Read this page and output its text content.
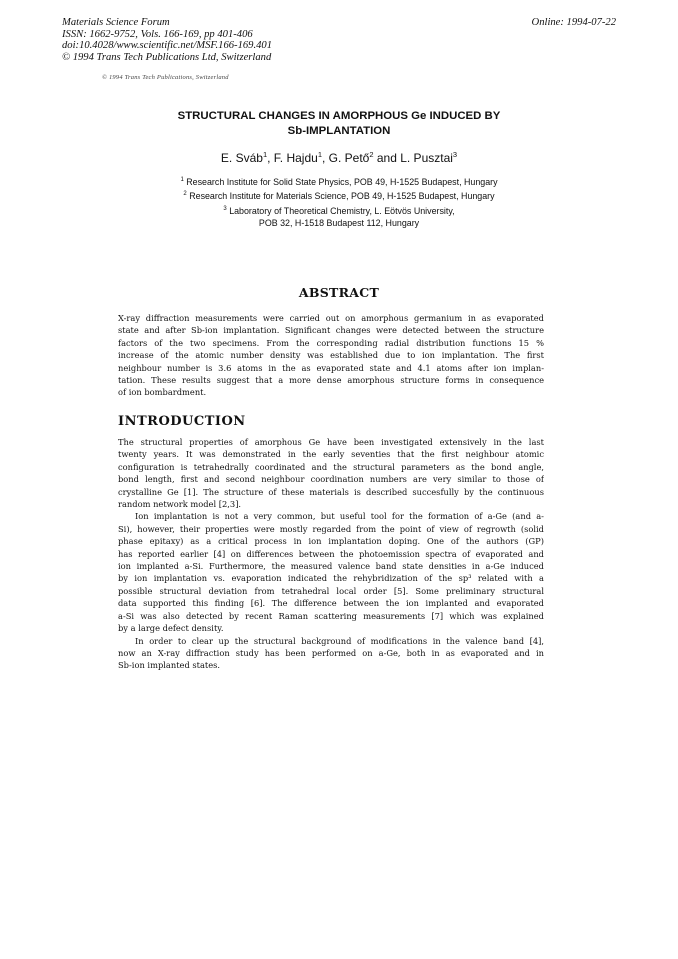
Materials Science Forum
ISSN: 1662-9752, Vols. 166-169, pp 401-406
doi:10.4028/www.scientific.net/MSF.166-169.401
© 1994 Trans Tech Publications Ltd, Switzerland
Online: 1994-07-22
© 1994 Trans Tech Publications, Switzerland
STRUCTURAL CHANGES IN AMORPHOUS Ge INDUCED BY
Sb-IMPLANTATION
E. Sváb$^1$, F. Hajdu$^1$, G. Pető$^2$ and L. Pusztai$^3$
$^1$ Research Institute for Solid State Physics, POB 49, H-1525 Budapest, Hungary
$^2$ Research Institute for Materials Science, POB 49, H-1525 Budapest, Hungary
$^3$ Laboratory of Theoretical Chemistry, L. Eötvös University,
POB 32, H-1518 Budapest 112, Hungary
ABSTRACT
X-ray diffraction measurements were carried out on amorphous germanium in as evaporated
state and after Sb-ion implantation. Significant changes were detected between the structure
factors of the two specimens. From the corresponding radial distribution functions 15 %
increase of the atomic number density was established due to ion implantation. The first
neighbour number is 3.6 atoms in the as evaporated state and 4.1 atoms after ion implan-
tation. These results suggest that a more dense amorphous structure forms in consequence
of ion bombardment.
INTRODUCTION
The structural properties of amorphous Ge have been investigated extensively in the last
twenty years. It was demonstrated in the early seventies that the first neighbour atomic
configuration is tetrahedrally coordinated and the structural parameters as the bond angle,
bond length, first and second neighbour coordination numbers are very similar to those of
crystalline Ge [1]. The structure of these materials is described succesfully by the continuous
random network model [2,3].
Ion implantation is not a very common, but useful tool for the formation of a-Ge (and a-
Si), however, their properties were mostly regarded from the point of view of regrowth (solid
phase epitaxy) as a critical process in ion implantation doping. One of the authors (GP)
has reported earlier [4] on differences between the photoemission spectra of evaporated and
ion implanted a-Si. Furthermore, the measured valence band state densities in a-Ge induced
by ion implantation vs. evaporation indicated the rehybridization of the sp³ related with a
possible structural deviation from tetrahedral local order [5]. Some preliminary structural
data supported this finding [6]. The difference between the ion implanted and evaporated
a-Si was also detected by recent Raman scattering measurements [7] which was explained
by a large defect density.
In order to clear up the structural background of modifications in the valence band [4],
now an X-ray diffraction study has been performed on a-Ge, both in as evaporated and in
Sb-ion implanted states.
